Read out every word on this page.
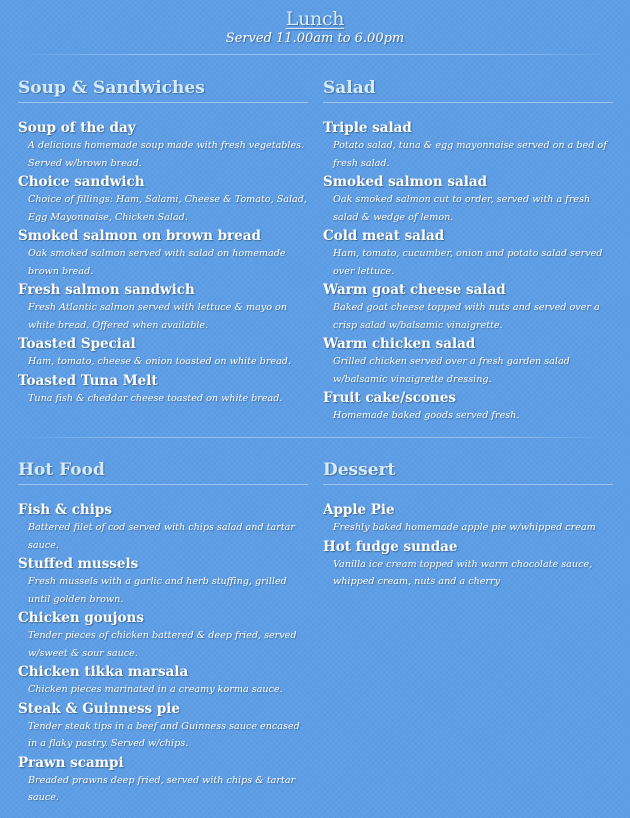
Lunch
Served 11.00am to 6.00pm
Soup & Sandwiches
Soup of the day
A delicious homemade soup made with fresh vegetables. Served w/brown bread.
Choice sandwich
Choice of fillings: Ham, Salami, Cheese & Tomato, Salad, Egg Mayonnaise, Chicken Salad.
Smoked salmon on brown bread
Oak smoked salmon served with salad on homemade brown bread.
Fresh salmon sandwich
Fresh Atlantic salmon served with lettuce & mayo on white bread. Offered when available.
Toasted Special
Ham, tomato, cheese & onion toasted on white bread.
Toasted Tuna Melt
Tuna fish & cheddar cheese toasted on white bread.
Salad
Triple salad
Potato salad, tuna & egg mayonnaise served on a bed of fresh salad.
Smoked salmon salad
Oak smoked salmon cut to order, served with a fresh salad & wedge of lemon.
Cold meat salad
Ham, tomato, cucumber, onion and potato salad served over lettuce.
Warm goat cheese salad
Baked goat cheese topped with nuts and served over a crisp salad w/balsamic vinaigrette.
Warm chicken salad
Grilled chicken served over a fresh garden salad w/balsamic vinaigrette dressing.
Fruit cake/scones
Homemade baked goods served fresh.
Hot Food
Fish & chips
Battered filet of cod served with chips salad and tartar sauce.
Stuffed mussels
Fresh mussels with a garlic and herb stuffing, grilled until golden brown.
Chicken goujons
Tender pieces of chicken battered & deep fried, served w/sweet & sour sauce.
Chicken tikka marsala
Chicken pieces marinated in a creamy korma sauce.
Steak & Guinness pie
Tender steak tips in a beef and Guinness sauce encased in a flaky pastry. Served w/chips.
Prawn scampi
Breaded prawns deep fried, served with chips & tartar sauce.
Dessert
Apple Pie
Freshly baked homemade apple pie w/whipped cream
Hot fudge sundae
Vanilla ice cream topped with warm chocolate sauce, whipped cream, nuts and a cherry
